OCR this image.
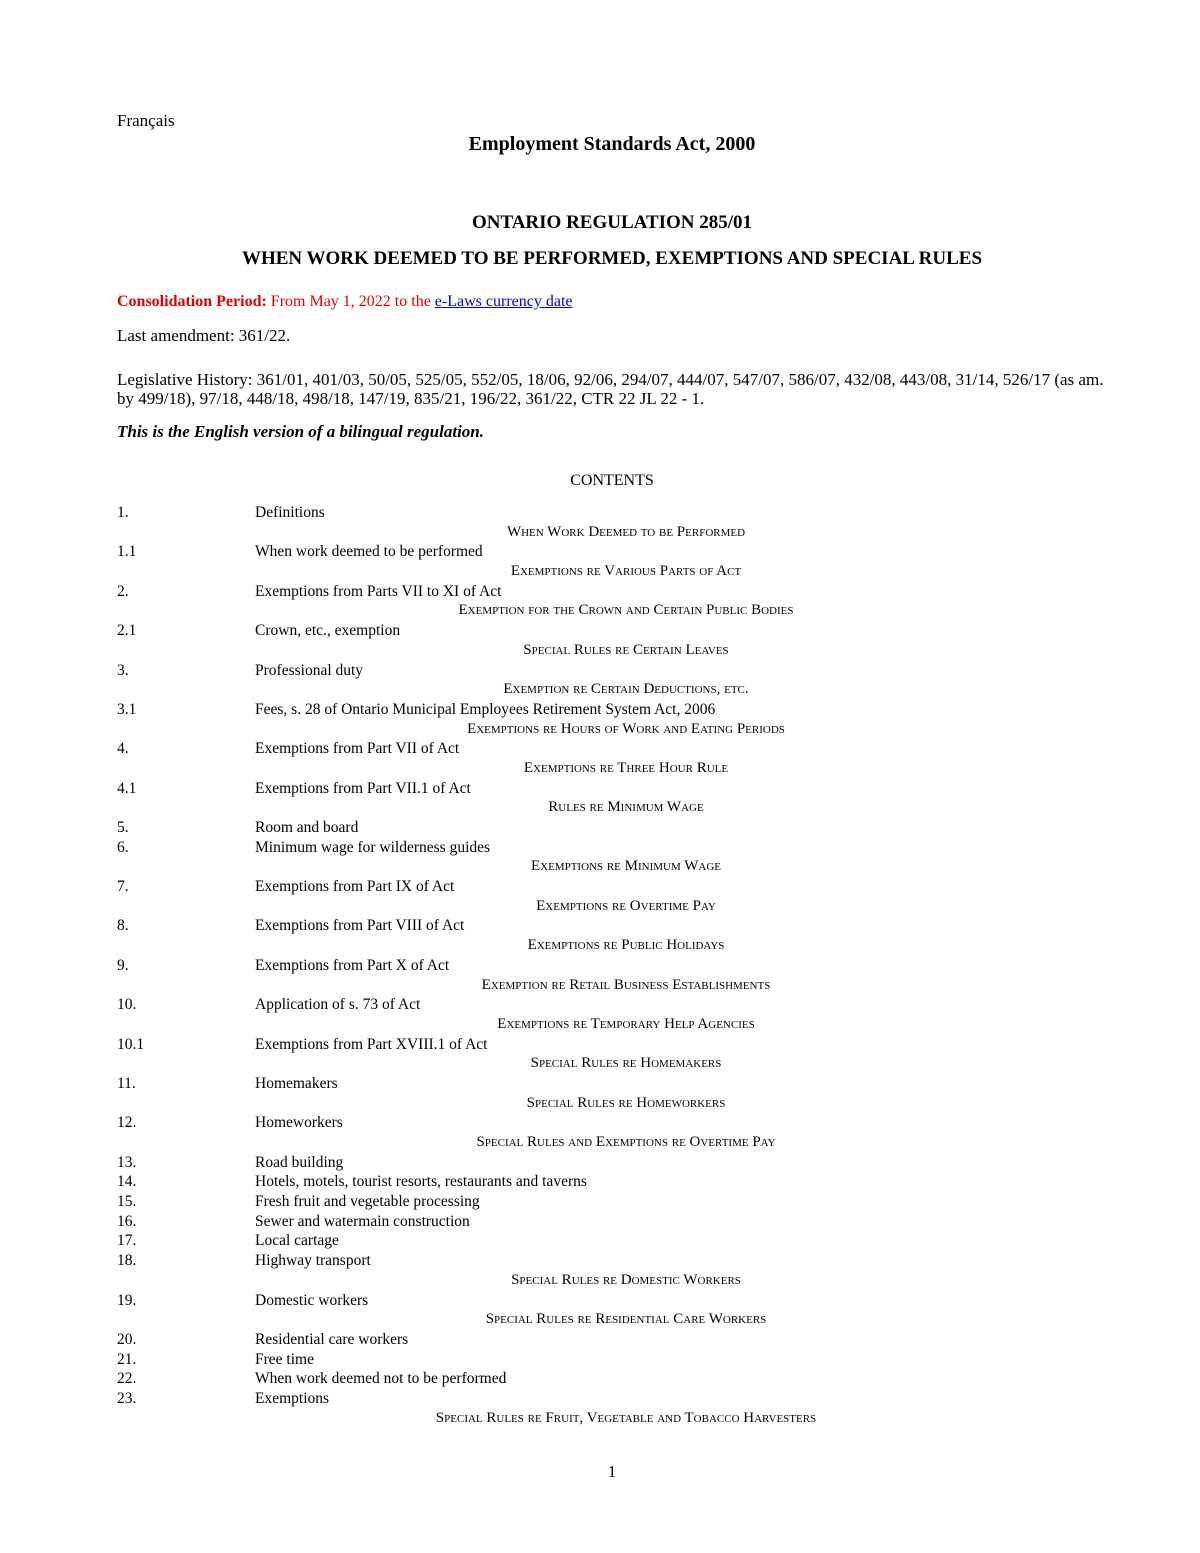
Français
Employment Standards Act, 2000
ONTARIO REGULATION 285/01
WHEN WORK DEEMED TO BE PERFORMED, EXEMPTIONS AND SPECIAL RULES
Consolidation Period: From May 1, 2022 to the e-Laws currency date
Last amendment: 361/22.
Legislative History: 361/01, 401/03, 50/05, 525/05, 552/05, 18/06, 92/06, 294/07, 444/07, 547/07, 586/07, 432/08, 443/08, 31/14, 526/17 (as am. by 499/18), 97/18, 448/18, 498/18, 147/19, 835/21, 196/22, 361/22, CTR 22 JL 22 - 1.
This is the English version of a bilingual regulation.
CONTENTS
1.	Definitions
When Work Deemed to be Performed
1.1	When work deemed to be performed
Exemptions re Various Parts of Act
2.	Exemptions from Parts VII to XI of Act
Exemption for the Crown and Certain Public Bodies
2.1	Crown, etc., exemption
Special Rules re Certain Leaves
3.	Professional duty
Exemption re Certain Deductions, etc.
3.1	Fees, s. 28 of Ontario Municipal Employees Retirement System Act, 2006
Exemptions re Hours of Work and Eating Periods
4.	Exemptions from Part VII of Act
Exemptions re Three Hour Rule
4.1	Exemptions from Part VII.1 of Act
Rules re Minimum Wage
5.	Room and board
6.	Minimum wage for wilderness guides
Exemptions re Minimum Wage
7.	Exemptions from Part IX of Act
Exemptions re Overtime Pay
8.	Exemptions from Part VIII of Act
Exemptions re Public Holidays
9.	Exemptions from Part X of Act
Exemption re Retail Business Establishments
10.	Application of s. 73 of Act
Exemptions re Temporary Help Agencies
10.1	Exemptions from Part XVIII.1 of Act
Special Rules re Homemakers
11.	Homemakers
Special Rules re Homeworkers
12.	Homeworkers
Special Rules and Exemptions re Overtime Pay
13.	Road building
14.	Hotels, motels, tourist resorts, restaurants and taverns
15.	Fresh fruit and vegetable processing
16.	Sewer and watermain construction
17.	Local cartage
18.	Highway transport
Special Rules re Domestic Workers
19.	Domestic workers
Special Rules re Residential Care Workers
20.	Residential care workers
21.	Free time
22.	When work deemed not to be performed
23.	Exemptions
Special Rules re Fruit, Vegetable and Tobacco Harvesters
1
